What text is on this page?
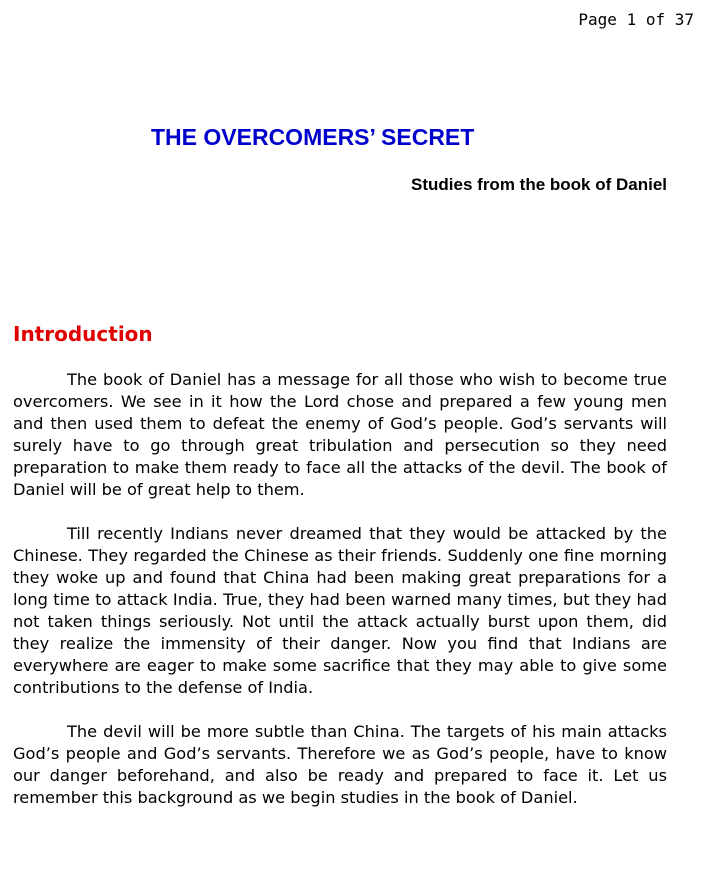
Page 1 of 37
THE OVERCOMERS’ SECRET
Studies from the book of Daniel
Introduction

The book of Daniel has a message for all those who wish to become true overcomers. We see in it how the Lord chose and prepared a few young men and then used them to defeat the enemy of God’s people. God’s servants will surely have to go through great tribulation and persecution so they need preparation to make them ready to face all the attacks of the devil. The book of Daniel will be of great help to them.

Till recently Indians never dreamed that they would be attacked by the Chinese. They regarded the Chinese as their friends. Suddenly one fine morning they woke up and found that China had been making great preparations for a long time to attack India. True, they had been warned many times, but they had not taken things seriously. Not until the attack actually burst upon them, did they realize the immensity of their danger. Now you find that Indians are everywhere are eager to make some sacrifice that they may able to give some contributions to the defense of India.

The devil will be more subtle than China. The targets of his main attacks God’s people and God’s servants. Therefore we as God’s people, have to know our danger beforehand, and also be ready and prepared to face it. Let us remember this background as we begin studies in the book of Daniel.
